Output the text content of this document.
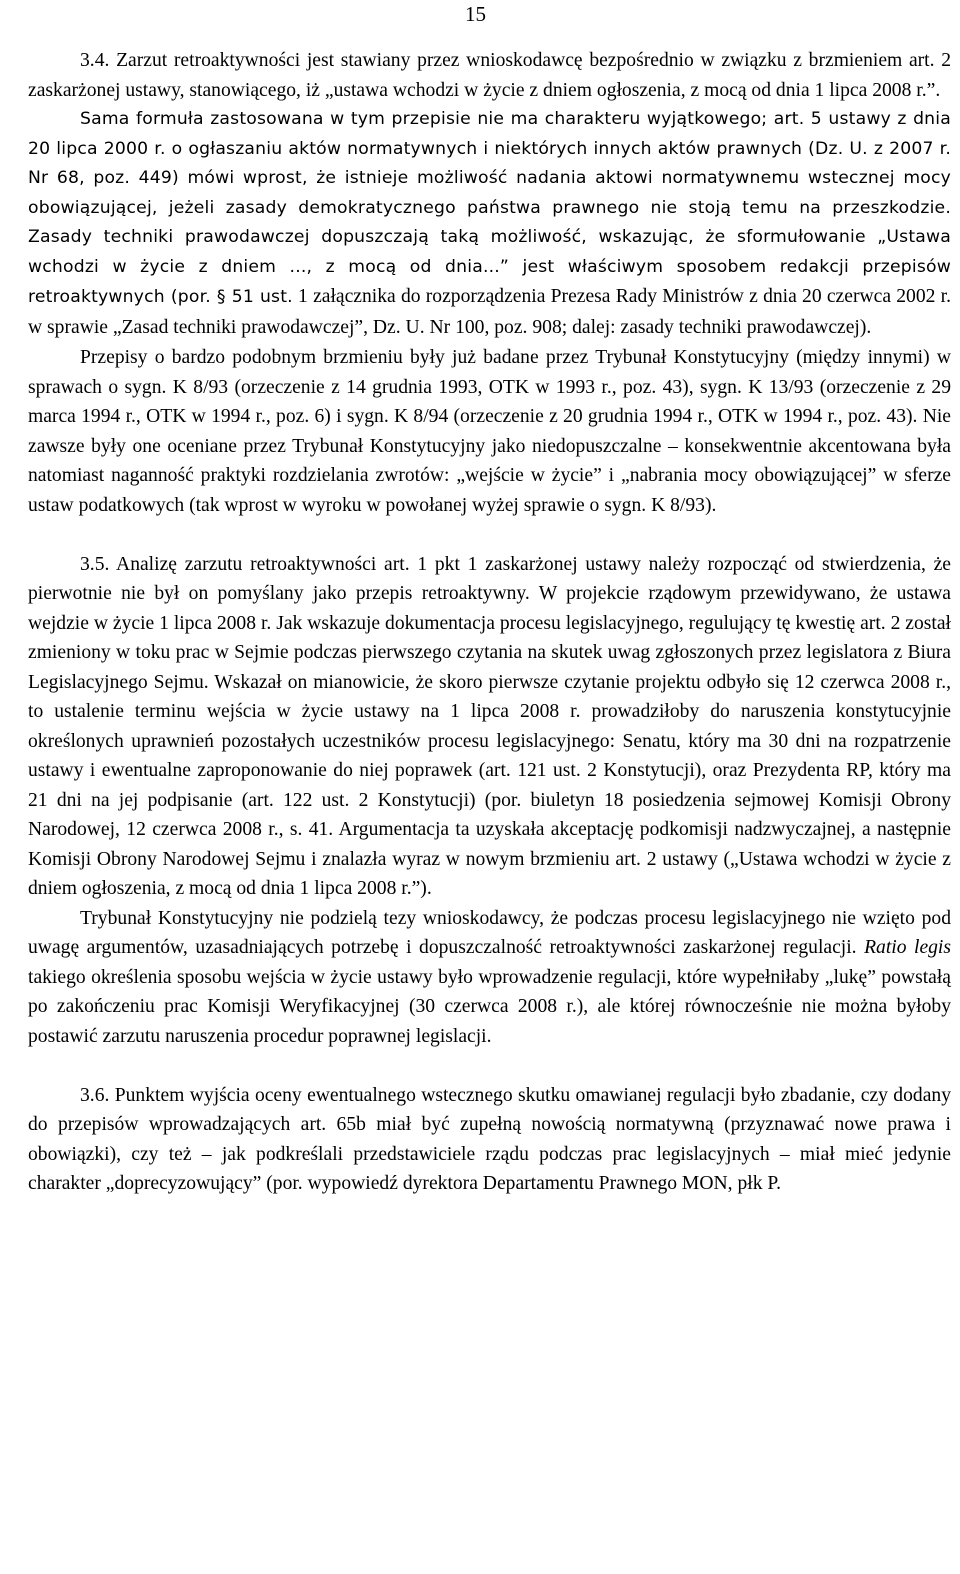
15

3.4. Zarzut retroaktywności jest stawiany przez wnioskodawcę bezpośrednio w związku z brzmieniem art. 2 zaskarżonej ustawy, stanowiącego, iż „ustawa wchodzi w życie z dniem ogłoszenia, z mocą od dnia 1 lipca 2008 r.”.

Sama formuła zastosowana w tym przepisie nie ma charakteru wyjątkowego; art. 5 ustawy z dnia 20 lipca 2000 r. o ogłaszaniu aktów normatywnych i niektórych innych aktów prawnych (Dz. U. z 2007 r. Nr 68, poz. 449) mówi wprost, że istnieje możliwość nadania aktowi normatywnemu wstecznej mocy obowiązującej, jeżeli zasady demokratycznego państwa prawnego nie stoją temu na przeszkodzie. Zasady techniki prawodawczej dopuszczają taką możliwość, wskazując, że sformułowanie „Ustawa wchodzi w życie z dniem ..., z mocą od dnia...” jest właściwym sposobem redakcji przepisów retroaktywnych (por. § 51 ust. 1 załącznika do rozporządzenia Prezesa Rady Ministrów z dnia 20 czerwca 2002 r. w sprawie „Zasad techniki prawodawczej”, Dz. U. Nr 100, poz. 908; dalej: zasady techniki prawodawczej).

Przepisy o bardzo podobnym brzmieniu były już badane przez Trybunał Konstytucyjny (między innymi) w sprawach o sygn. K 8/93 (orzeczenie z 14 grudnia 1993, OTK w 1993 r., poz. 43), sygn. K 13/93 (orzeczenie z 29 marca 1994 r., OTK w 1994 r., poz. 6) i sygn. K 8/94 (orzeczenie z 20 grudnia 1994 r., OTK w 1994 r., poz. 43). Nie zawsze były one oceniane przez Trybunał Konstytucyjny jako niedopuszczalne – konsekwentnie akcentowana była natomiast naganność praktyki rozdzielania zwrotów: „wejście w życie” i „nabrania mocy obowiązującej” w sferze ustaw podatkowych (tak wprost w wyroku w powołanej wyżej sprawie o sygn. K 8/93).

3.5. Analizę zarzutu retroaktywności art. 1 pkt 1 zaskarżonej ustawy należy rozpocząć od stwierdzenia, że pierwotnie nie był on pomyślany jako przepis retroaktywny. W projekcie rządowym przewidywano, że ustawa wejdzie w życie 1 lipca 2008 r. Jak wskazuje dokumentacja procesu legislacyjnego, regulujący tę kwestię art. 2 został zmieniony w toku prac w Sejmie podczas pierwszego czytania na skutek uwag zgłoszonych przez legislatora z Biura Legislacyjnego Sejmu. Wskazał on mianowicie, że skoro pierwsze czytanie projektu odbyło się 12 czerwca 2008 r., to ustalenie terminu wejścia w życie ustawy na 1 lipca 2008 r. prowadziłoby do naruszenia konstytucyjnie określonych uprawnień pozostałych uczestników procesu legislacyjnego: Senatu, który ma 30 dni na rozpatrzenie ustawy i ewentualne zaproponowanie do niej poprawek (art. 121 ust. 2 Konstytucji), oraz Prezydenta RP, który ma 21 dni na jej podpisanie (art. 122 ust. 2 Konstytucji) (por. biuletyn 18 posiedzenia sejmowej Komisji Obrony Narodowej, 12 czerwca 2008 r., s. 41. Argumentacja ta uzyskała akceptację podkomisji nadzwyczajnej, a następnie Komisji Obrony Narodowej Sejmu i znalazła wyraz w nowym brzmieniu art. 2 ustawy („Ustawa wchodzi w życie z dniem ogłoszenia, z mocą od dnia 1 lipca 2008 r.”).

Trybunał Konstytucyjny nie podzielą tezy wnioskodawcy, że podczas procesu legislacyjnego nie wzięto pod uwagę argumentów, uzasadniających potrzebę i dopuszczalność retroaktywności zaskarżonej regulacji. Ratio legis takiego określenia sposobu wejścia w życie ustawy było wprowadzenie regulacji, które wypełniłaby „lukę” powstałą po zakończeniu prac Komisji Weryfikacyjnej (30 czerwca 2008 r.), ale której równocześnie nie można byłoby postawić zarzutu naruszenia procedur poprawnej legislacji.

3.6. Punktem wyjścia oceny ewentualnego wstecznego skutku omawianej regulacji było zbadanie, czy dodany do przepisów wprowadzających art. 65b miał być zupełną nowością normatywną (przyznawać nowe prawa i obowiązki), czy też – jak podkreślali przedstawiciele rządu podczas prac legislacyjnych – miał mieć jedynie charakter „doprecyzowujący” (por. wypowiedź dyrektora Departamentu Prawnego MON, płk P.
